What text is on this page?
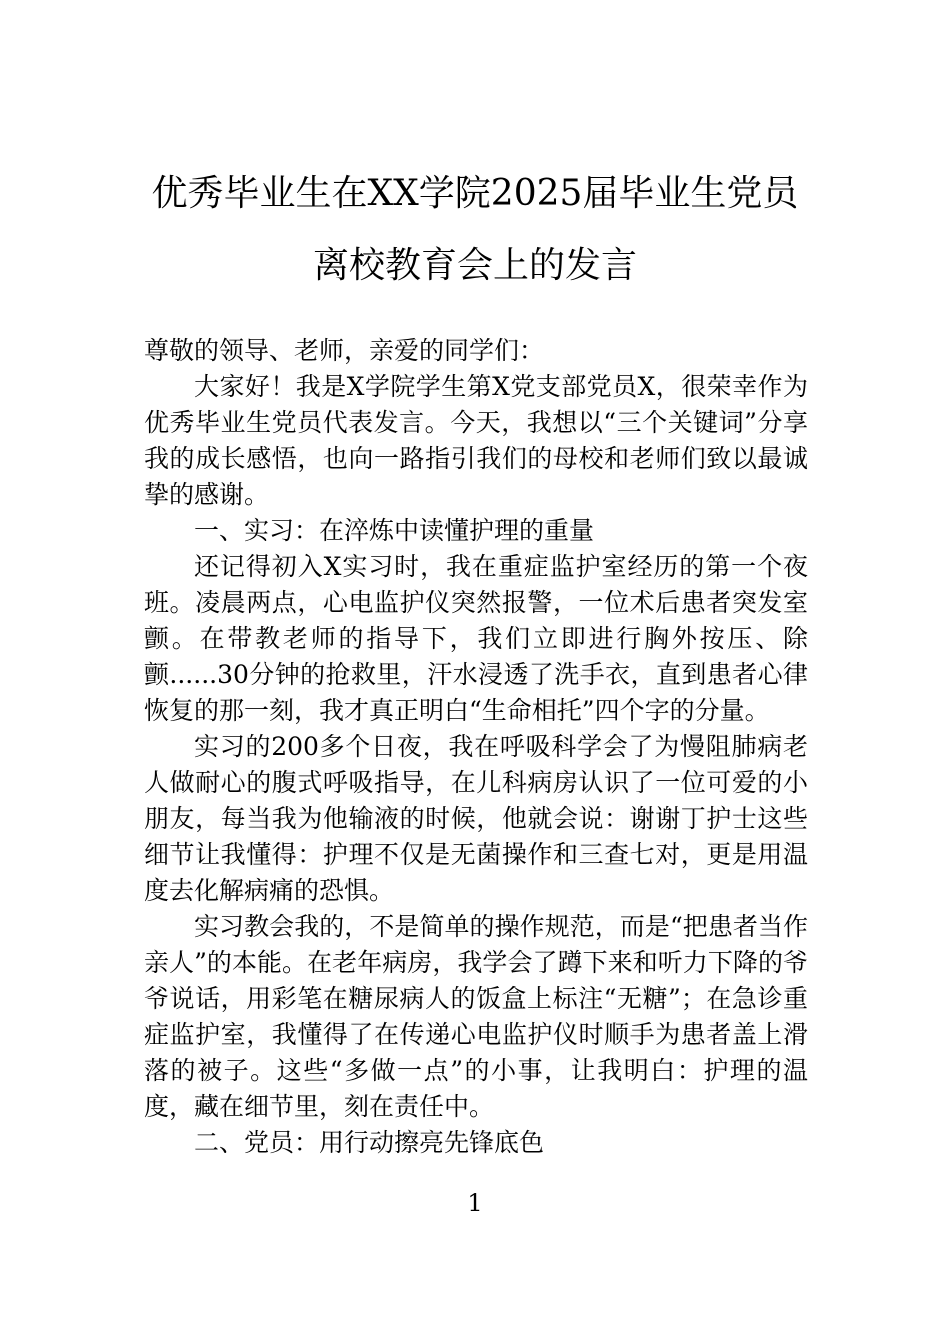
优秀毕业生在XX学院2025届毕业生党员
离校教育会上的发言

尊敬的领导、老师，亲爱的同学们：

大家好！我是X学院学生第X党支部党员X，很荣幸作为优秀毕业生党员代表发言。今天，我想以“三个关键词”分享我的成长感悟，也向一路指引我们的母校和老师们致以最诚挚的感谢。

一、实习：在淬炼中读懂护理的重量

还记得初入X实习时，我在重症监护室经历的第一个夜班。凌晨两点，心电监护仪突然报警，一位术后患者突发室颤。在带教老师的指导下，我们立即进行胸外按压、除颤......30分钟的抢救里，汗水浸透了洗手衣，直到患者心律恢复的那一刻，我才真正明白“生命相托”四个字的分量。

实习的200多个日夜，我在呼吸科学会了为慢阻肺病老人做耐心的腹式呼吸指导，在儿科病房认识了一位可爱的小朋友，每当我为他输液的时候，他就会说：谢谢丁护士这些细节让我懂得：护理不仅是无菌操作和三查七对，更是用温度去化解病痛的恐惧。

实习教会我的，不是简单的操作规范，而是“把患者当作亲人”的本能。在老年病房，我学会了蹲下来和听力下降的爷爷说话，用彩笔在糖尿病人的饭盒上标注“无糖”；在急诊重症监护室，我懂得了在传递心电监护仪时顺手为患者盖上滑落的被子。这些“多做一点”的小事，让我明白：护理的温度，藏在细节里，刻在责任中。

二、党员：用行动擦亮先锋底色

1
